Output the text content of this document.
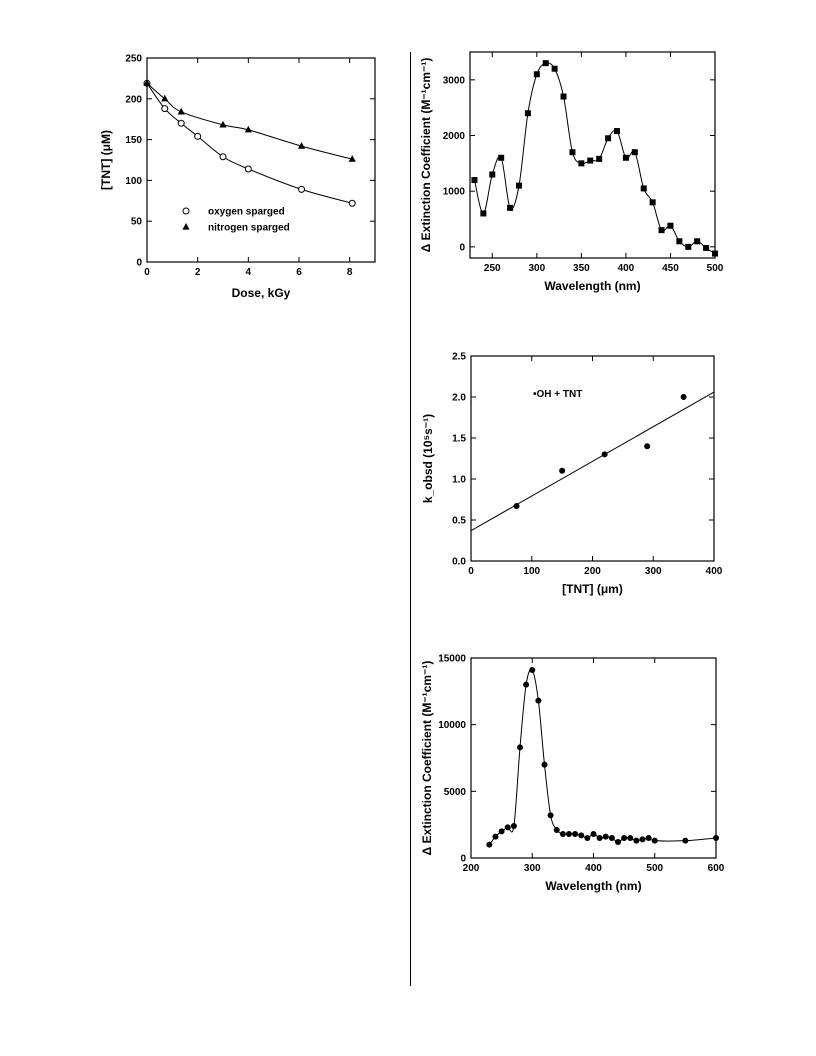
0	2	4	6	8
0
50
100
150
200
250
Dose, kGy
[TNT] (μM)
oxygen sparged
nitrogen sparged
250	300	350	400	450	500
0
1000
2000
3000
Wavelength (nm)
Δ Extinction Coefficient (M⁻¹cm⁻¹)
0	100	200	300	400
0.0
0.5
1.0
1.5
2.0
2.5
[TNT] (μm)
k_obsd (10⁵s⁻¹)
•OH + TNT
200	300	400	500	600
0
5000
10000
15000
Wavelength (nm)
Δ Extinction Coefficient (M⁻¹cm⁻¹)
